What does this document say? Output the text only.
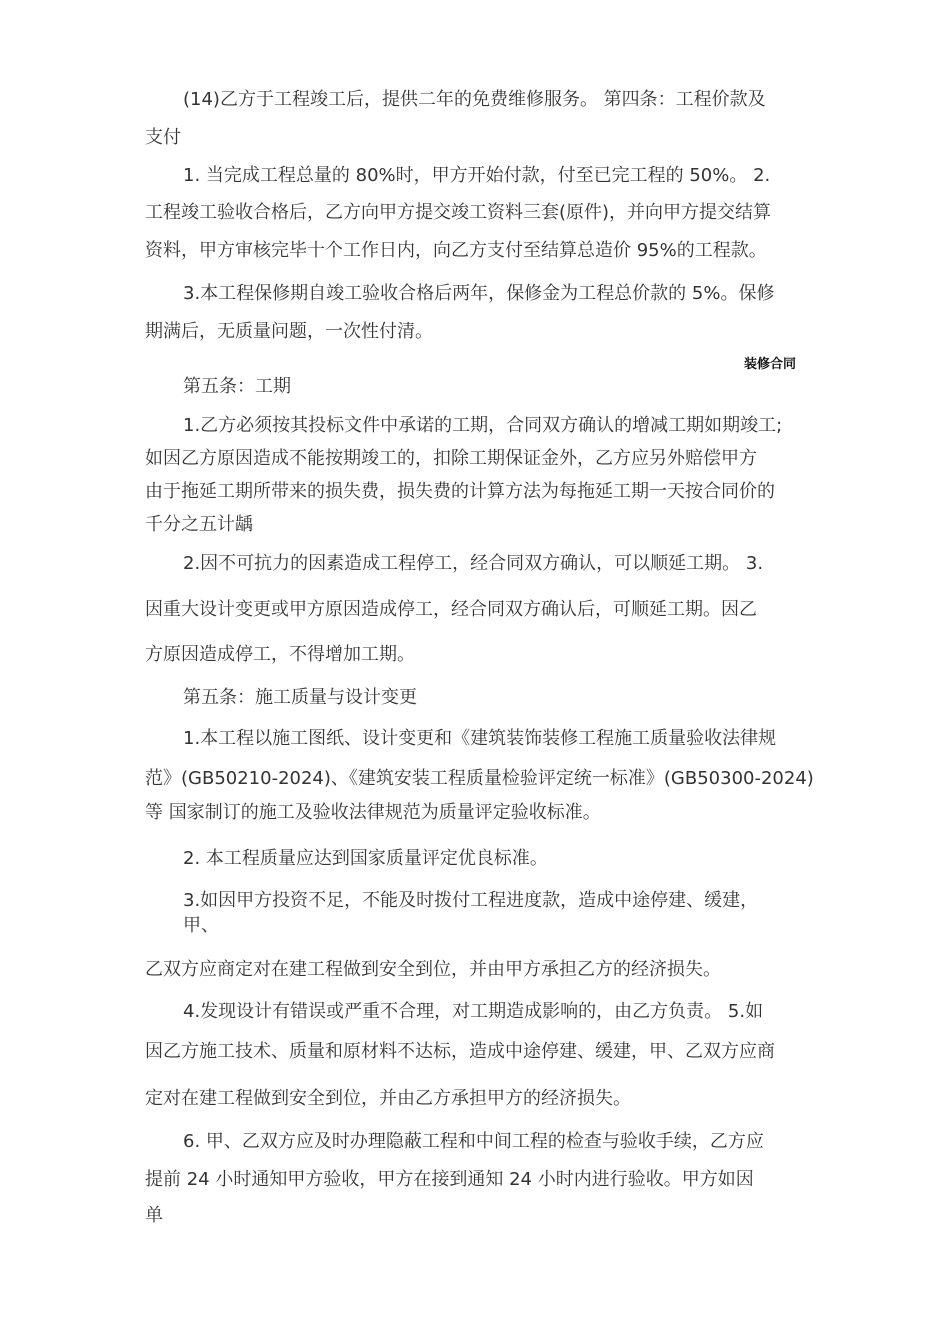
装修合同

(14)乙方于工程竣工后，提供二年的免费维修服务。 第四条：工程价款及

支付

1. 当完成工程总量的 80%时，甲方开始付款，付至已完工程的 50%。 2.

工程竣工验收合格后，乙方向甲方提交竣工资料三套(原件)，并向甲方提交结算

资料，甲方审核完毕十个工作日内，向乙方支付至结算总造价 95%的工程款。

3.本工程保修期自竣工验收合格后两年，保修金为工程总价款的 5%。保修

期满后，无质量问题，一次性付清。

第五条：工期

1.乙方必须按其投标文件中承诺的工期，合同双方确认的增减工期如期竣工;

如因乙方原因造成不能按期竣工的，扣除工期保证金外，乙方应另外赔偿甲方

由于拖延工期所带来的损失费，损失费的计算方法为每拖延工期一天按合同价的

千分之五计龋

2.因不可抗力的因素造成工程停工，经合同双方确认，可以顺延工期。 3.

因重大设计变更或甲方原因造成停工，经合同双方确认后，可顺延工期。因乙

方原因造成停工，不得增加工期。

第五条：施工质量与设计变更

1.本工程以施工图纸、设计变更和《建筑装饰装修工程施工质量验收法律规

范》(GB50210-2024)、《建筑安装工程质量检验评定统一标准》(GB50300-2024)

等 国家制订的施工及验收法律规范为质量评定验收标准。

2. 本工程质量应达到国家质量评定优良标准。

3.如因甲方投资不足，不能及时拨付工程进度款，造成中途停建、缓建，

甲、

乙双方应商定对在建工程做到安全到位，并由甲方承担乙方的经济损失。

4.发现设计有错误或严重不合理，对工期造成影响的，由乙方负责。 5.如

因乙方施工技术、质量和原材料不达标，造成中途停建、缓建，甲、乙双方应商

定对在建工程做到安全到位，并由乙方承担甲方的经济损失。

6. 甲、乙双方应及时办理隐蔽工程和中间工程的检查与验收手续，乙方应

提前 24 小时通知甲方验收，甲方在接到通知 24 小时内进行验收。甲方如因

单
